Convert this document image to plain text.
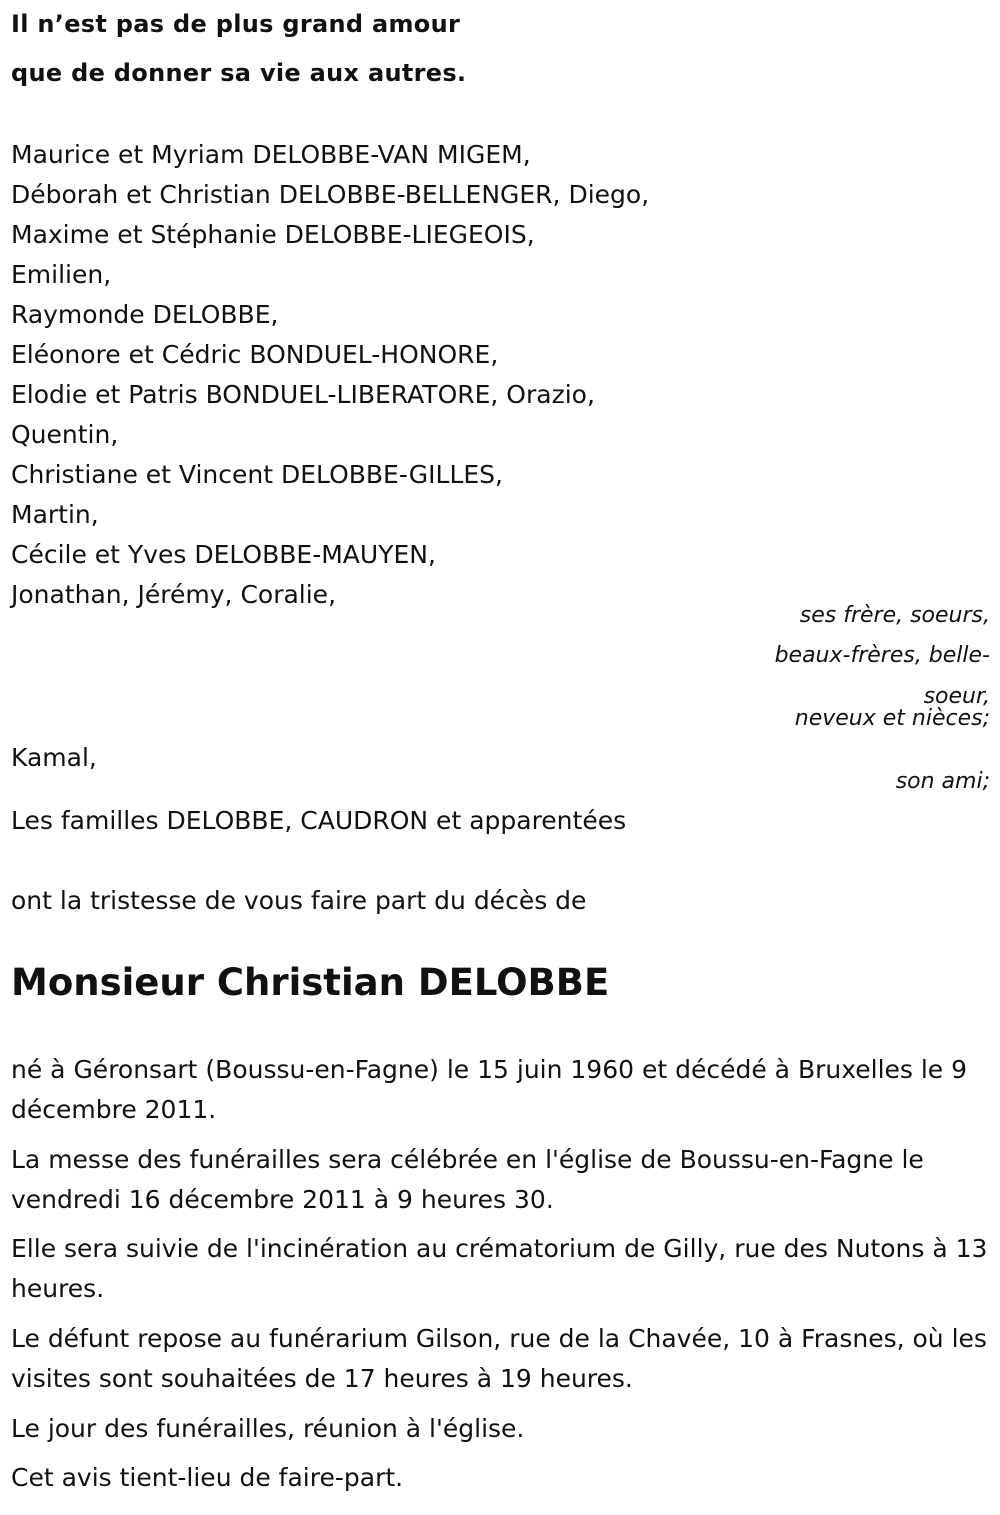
Il n’est pas de plus grand amour
que de donner sa vie aux autres.
Maurice et Myriam DELOBBE-VAN MIGEM,
Déborah et Christian DELOBBE-BELLENGER, Diego,
Maxime et Stéphanie DELOBBE-LIEGEOIS,
Emilien,
Raymonde DELOBBE,
Eléonore et Cédric BONDUEL-HONORE,
Elodie et Patris BONDUEL-LIBERATORE, Orazio,
Quentin,
Christiane et Vincent DELOBBE-GILLES,
Martin,
Cécile et Yves DELOBBE-MAUYEN,
Jonathan, Jérémy, Coralie,
ses frère, soeurs,
beaux-frères, belle-
soeur,
neveux et nièces;
Kamal,
son ami;
Les familles DELOBBE, CAUDRON et apparentées
ont la tristesse de vous faire part du décès de
Monsieur Christian DELOBBE
né à Géronsart (Boussu-en-Fagne) le 15 juin 1960 et décédé à Bruxelles le 9 décembre 2011.
La messe des funérailles sera célébrée en l'église de Boussu-en-Fagne le vendredi 16 décembre 2011 à 9 heures 30.
Elle sera suivie de l'incinération au crématorium de Gilly, rue des Nutons à 13 heures.
Le défunt repose au funérarium Gilson, rue de la Chavée, 10 à Frasnes, où les visites sont souhaitées de 17 heures à 19 heures.
Le jour des funérailles, réunion à l'église.
Cet avis tient-lieu de faire-part.
